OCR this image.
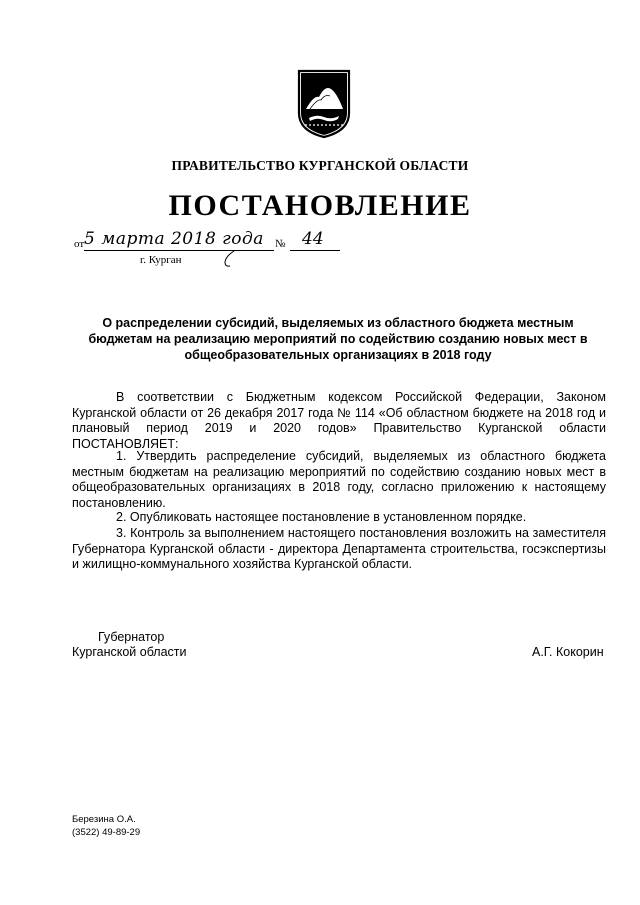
ПРАВИТЕЛЬСТВО КУРГАНСКОЙ ОБЛАСТИ
ПОСТАНОВЛЕНИЕ
от 5 марта 2018 года № 44
г. Курган
О распределении субсидий, выделяемых из областного бюджета местным бюджетам на реализацию мероприятий по содействию созданию новых мест в общеобразовательных организациях в 2018 году
В соответствии с Бюджетным кодексом Российской Федерации, Законом Курганской области от 26 декабря 2017 года № 114 «Об областном бюджете на 2018 год и плановый период 2019 и 2020 годов» Правительство Курганской области ПОСТАНОВЛЯЕТ:
1. Утвердить распределение субсидий, выделяемых из областного бюджета местным бюджетам на реализацию мероприятий по содействию созданию новых мест в общеобразовательных организациях в 2018 году, согласно приложению к настоящему постановлению.
2. Опубликовать настоящее постановление в установленном порядке.
3. Контроль за выполнением настоящего постановления возложить на заместителя Губернатора Курганской области - директора Департамента строительства, госэкспертизы и жилищно-коммунального хозяйства Курганской области.
Губернатор
Курганской области	А.Г. Кокорин
Березина О.А.
(3522) 49-89-29
